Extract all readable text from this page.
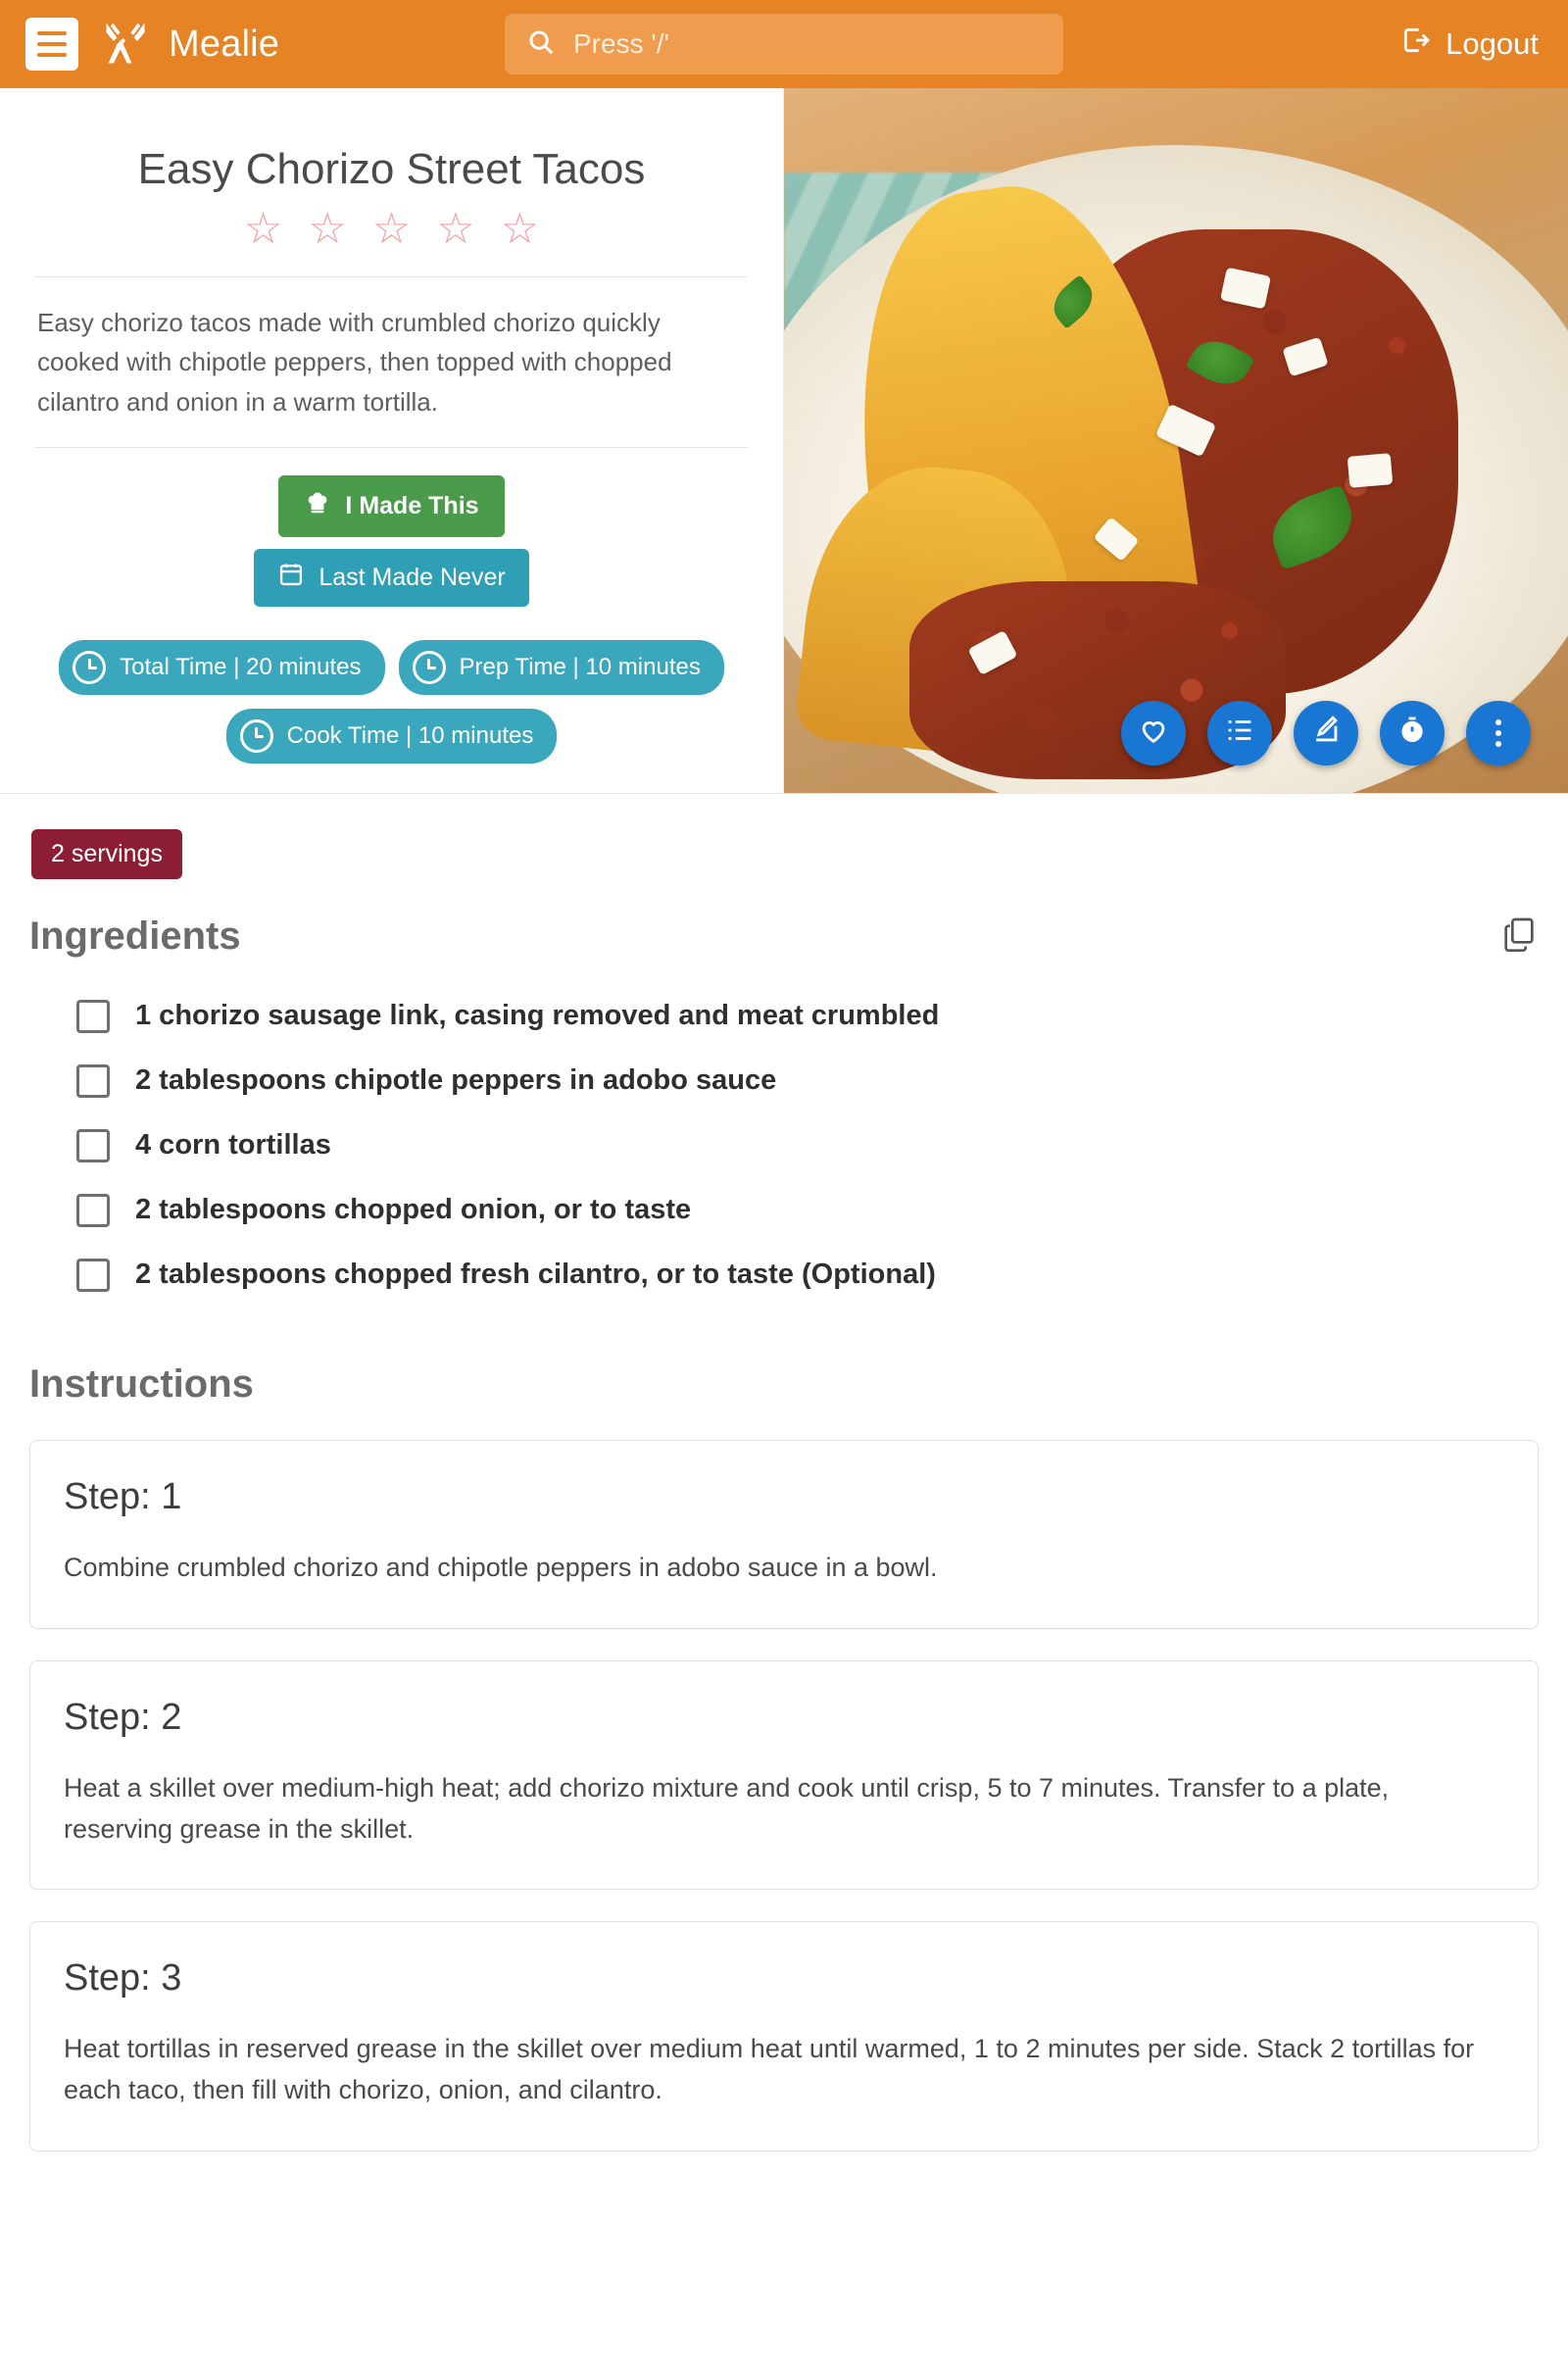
Mealie	Press '/'	Logout
Easy Chorizo Street Tacos
☆ ☆ ☆ ☆ ☆
Easy chorizo tacos made with crumbled chorizo quickly cooked with chipotle peppers, then topped with chopped cilantro and onion in a warm tortilla.
I Made This
Last Made Never
Total Time | 20 minutes	Prep Time | 10 minutes
Cook Time | 10 minutes
2 servings
Ingredients
1 chorizo sausage link, casing removed and meat crumbled
2 tablespoons chipotle peppers in adobo sauce
4 corn tortillas
2 tablespoons chopped onion, or to taste
2 tablespoons chopped fresh cilantro, or to taste (Optional)
Instructions
Step: 1
Combine crumbled chorizo and chipotle peppers in adobo sauce in a bowl.
Step: 2
Heat a skillet over medium-high heat; add chorizo mixture and cook until crisp, 5 to 7 minutes. Transfer to a plate, reserving grease in the skillet.
Step: 3
Heat tortillas in reserved grease in the skillet over medium heat until warmed, 1 to 2 minutes per side. Stack 2 tortillas for each taco, then fill with chorizo, onion, and cilantro.
